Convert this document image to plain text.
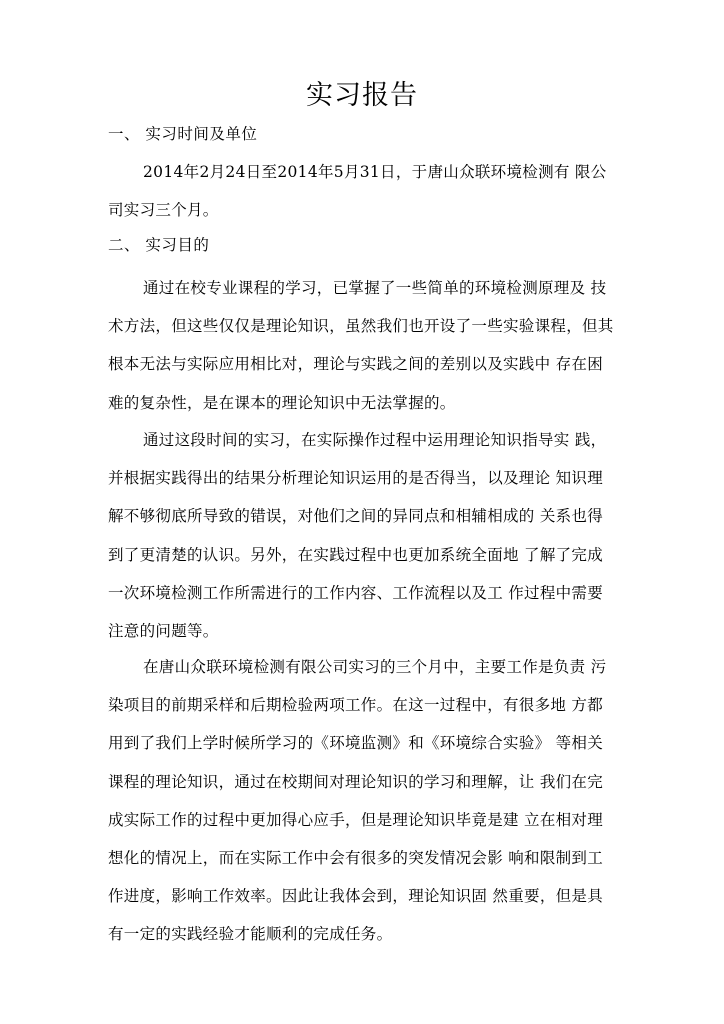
实习报告
一、 实习时间及单位
2014年2月24日至2014年5月31日，于唐山众联环境检测有 限公
司实习三个月。
二、 实习目的
通过在校专业课程的学习，已掌握了一些简单的环境检测原理及 技
术方法，但这些仅仅是理论知识，虽然我们也开设了一些实验课程，但其
根本无法与实际应用相比对，理论与实践之间的差别以及实践中 存在困
难的复杂性，是在课本的理论知识中无法掌握的。
通过这段时间的实习，在实际操作过程中运用理论知识指导实 践，
并根据实践得出的结果分析理论知识运用的是否得当，以及理论 知识理
解不够彻底所导致的错误，对他们之间的异同点和相辅相成的 关系也得
到了更清楚的认识。另外，在实践过程中也更加系统全面地 了解了完成
一次环境检测工作所需进行的工作内容、工作流程以及工 作过程中需要
注意的问题等。
在唐山众联环境检测有限公司实习的三个月中，主要工作是负责 污
染项目的前期采样和后期检验两项工作。在这一过程中，有很多地 方都
用到了我们上学时候所学习的《环境监测》和《环境综合实验》 等相关
课程的理论知识，通过在校期间对理论知识的学习和理解，让 我们在完
成实际工作的过程中更加得心应手，但是理论知识毕竟是建 立在相对理
想化的情况上，而在实际工作中会有很多的突发情况会影 响和限制到工
作进度，影响工作效率。因此让我体会到，理论知识固 然重要，但是具
有一定的实践经验才能顺利的完成任务。
